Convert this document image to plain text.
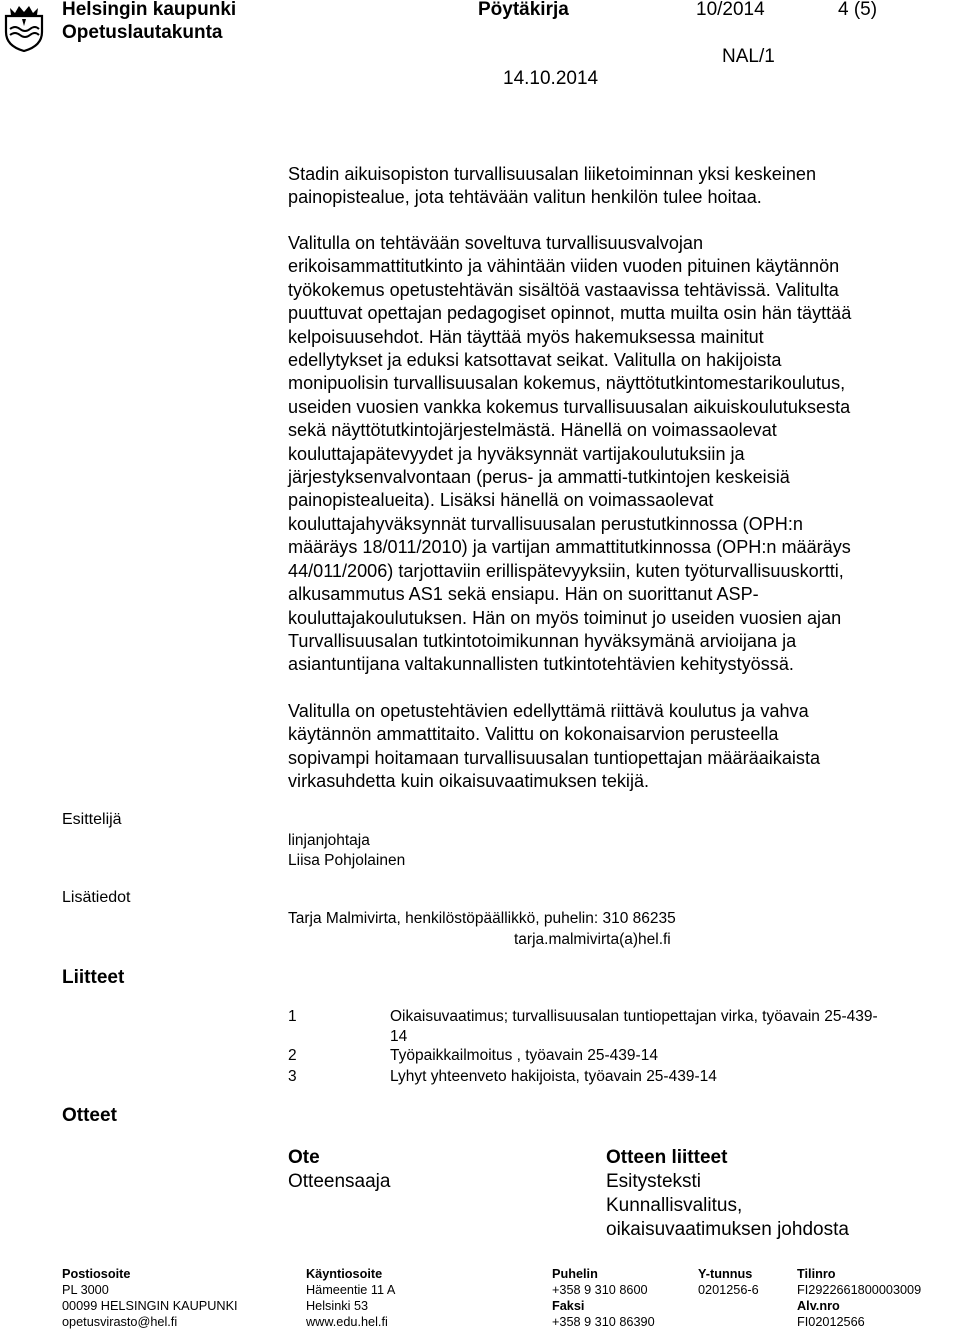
Helsingin kaupunki
Opetuslautakunta
Pöytäkirja	10/2014	4 (5)
NAL/1
14.10.2014
Stadin aikuisopiston turvallisuusalan liiketoiminnan yksi keskeinen
painopistealue, jota tehtävään valitun henkilön tulee hoitaa.
Valitulla on tehtävään soveltuva turvallisuusvalvojan
erikoisammattitutkinto ja vähintään viiden vuoden pituinen käytännön
työkokemus opetustehtävän sisältöä vastaavissa tehtävissä. Valitulta
puuttuvat opettajan pedagogiset opinnot, mutta muilta osin hän täyttää
kelpoisuusehdot. Hän täyttää myös hakemuksessa mainitut
edellytykset ja eduksi katsottavat seikat. Valitulla on hakijoista
monipuolisin turvallisuusalan kokemus, näyttötutkintomestarikoulutus,
useiden vuosien vankka kokemus turvallisuusalan aikuiskoulutuksesta
sekä näyttötutkintojärjestelmästä. Hänellä on voimassaolevat
kouluttajapätevyydet ja hyväksynnät vartijakoulutuksiin ja
järjestyksenvalvontaan (perus- ja ammatti-tutkintojen keskeisiä
painopistealueita). Lisäksi hänellä on voimassaolevat
kouluttajahyväksynnät turvallisuusalan perustutkinnossa (OPH:n
määräys 18/011/2010) ja vartijan ammattitutkinnossa (OPH:n määräys
44/011/2006) tarjottaviin erillispätevyyksiin, kuten työturvallisuuskortti,
alkusammutus AS1 sekä ensiapu. Hän on suorittanut ASP-
kouluttajakoulutuksen. Hän on myös toiminut jo useiden vuosien ajan
Turvallisuusalan tutkintotoimikunnan hyväksymänä arvioijana ja
asiantuntijana valtakunnallisten tutkintotehtävien kehitystyössä.
Valitulla on opetustehtävien edellyttämä riittävä koulutus ja vahva
käytännön ammattitaito. Valittu on kokonaisarvion perusteella
sopivampi hoitamaan turvallisuusalan tuntiopettajan määräaikaista
virkasuhdetta kuin oikaisuvaatimuksen tekijä.
Esittelijä
linjanjohtaja
Liisa Pohjolainen
Lisätiedot
Tarja Malmivirta, henkilöstöpäällikkö, puhelin: 310 86235
tarja.malmivirta(a)hel.fi
Liitteet
1	Oikaisuvaatimus; turvallisuusalan tuntiopettajan virka, työavain 25-439-
14
2	Työpaikkailmoitus , työavain 25-439-14
3	Lyhyt yhteenveto hakijoista, työavain 25-439-14
Otteet
Ote
Otteensaaja
Otteen liitteet
Esitysteksti
Kunnallisvalitus,
oikaisuvaatimuksen johdosta
Postiosoite
PL 3000
00099 HELSINGIN KAUPUNKI
opetusvirasto@hel.fi
Käyntiosoite
Hämeentie 11 A
Helsinki 53
www.edu.hel.fi
Puhelin
+358 9 310 8600
Faksi
+358 9 310 86390
Y-tunnus
0201256-6
Tilinro
FI2922661800003009
Alv.nro
FI02012566
